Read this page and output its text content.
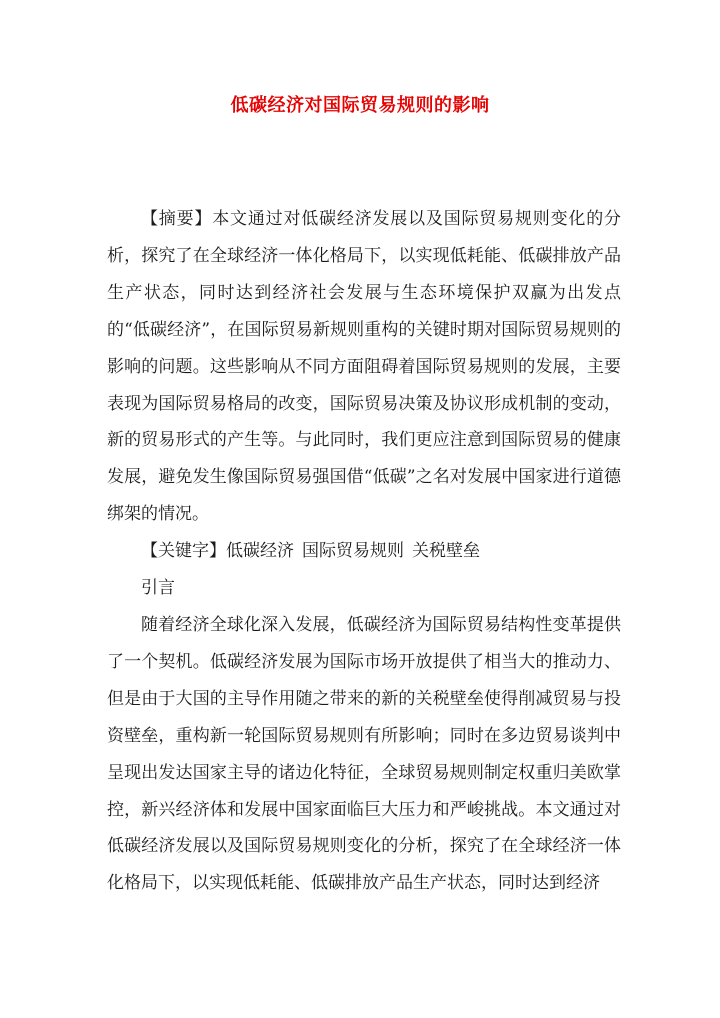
低碳经济对国际贸易规则的影响

【摘要】本文通过对低碳经济发展以及国际贸易规则变化的分析，探究了在全球经济一体化格局下，以实现低耗能、低碳排放产品生产状态，同时达到经济社会发展与生态环境保护双赢为出发点的“低碳经济”，在国际贸易新规则重构的关键时期对国际贸易规则的影响的问题。这些影响从不同方面阻碍着国际贸易规则的发展，主要表现为国际贸易格局的改变，国际贸易决策及协议形成机制的变动，新的贸易形式的产生等。与此同时，我们更应注意到国际贸易的健康发展，避免发生像国际贸易强国借“低碳”之名对发展中国家进行道德绑架的情况。

【关键字】低碳经济 国际贸易规则 关税壁垒

引言

随着经济全球化深入发展，低碳经济为国际贸易结构性变革提供了一个契机。低碳经济发展为国际市场开放提供了相当大的推动力、但是由于大国的主导作用随之带来的新的关税壁垒使得削减贸易与投资壁垒，重构新一轮国际贸易规则有所影响；同时在多边贸易谈判中呈现出发达国家主导的诸边化特征，全球贸易规则制定权重归美欧掌控，新兴经济体和发展中国家面临巨大压力和严峻挑战。本文通过对低碳经济发展以及国际贸易规则变化的分析，探究了在全球经济一体化格局下，以实现低耗能、低碳排放产品生产状态，同时达到经济
